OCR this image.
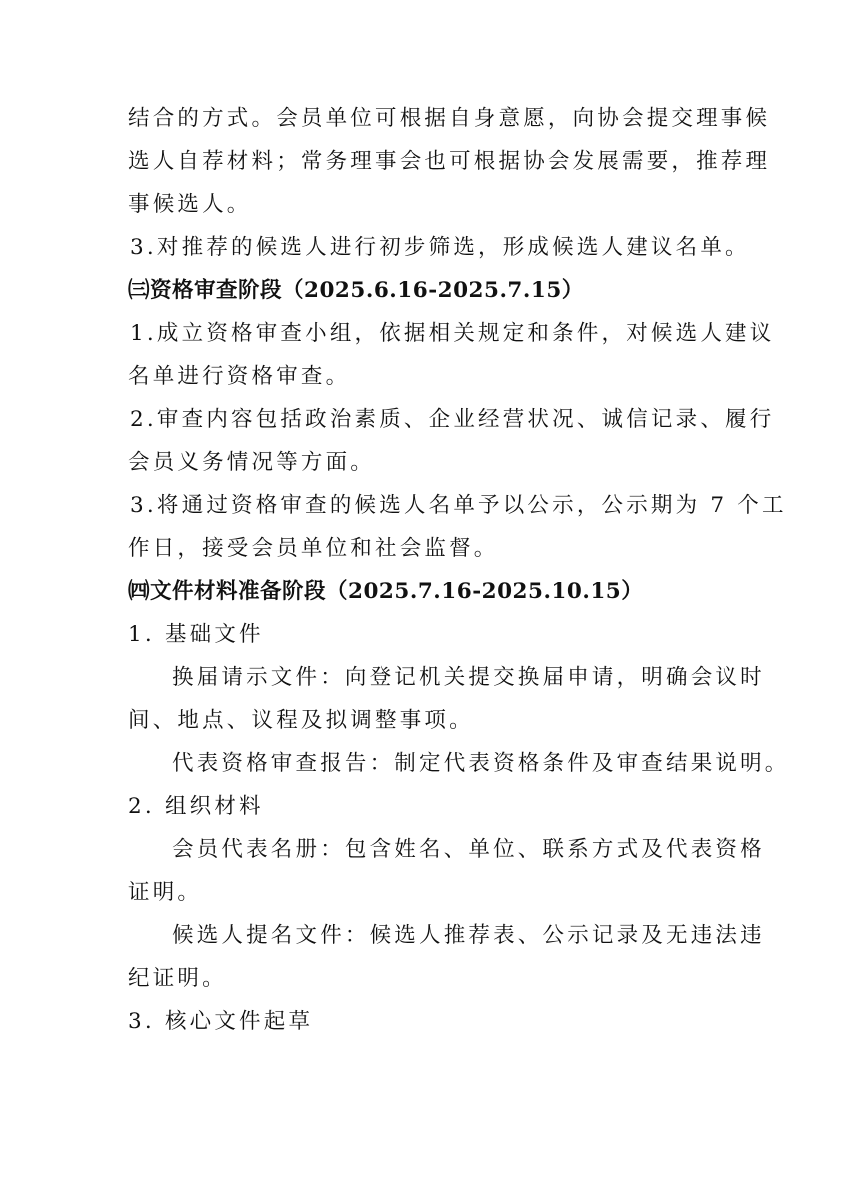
结合的方式。会员单位可根据自身意愿，向协会提交理事候
选人自荐材料；常务理事会也可根据协会发展需要，推荐理
事候选人。
3.对推荐的候选人进行初步筛选，形成候选人建议名单。
㈢资格审查阶段（2025.6.16-2025.7.15）
1.成立资格审查小组，依据相关规定和条件，对候选人建议
名单进行资格审查。
2.审查内容包括政治素质、企业经营状况、诚信记录、履行
会员义务情况等方面。
3.将通过资格审查的候选人名单予以公示，公示期为 7 个工
作日，接受会员单位和社会监督。
㈣文件材料准备阶段（2025.7.16-2025.10.15）
1. 基础文件
换届请示文件：向登记机关提交换届申请，明确会议时
间、地点、议程及拟调整事项。
代表资格审查报告：制定代表资格条件及审查结果说明。
2. 组织材料
会员代表名册：包含姓名、单位、联系方式及代表资格
证明。
候选人提名文件：候选人推荐表、公示记录及无违法违
纪证明。
3. 核心文件起草
